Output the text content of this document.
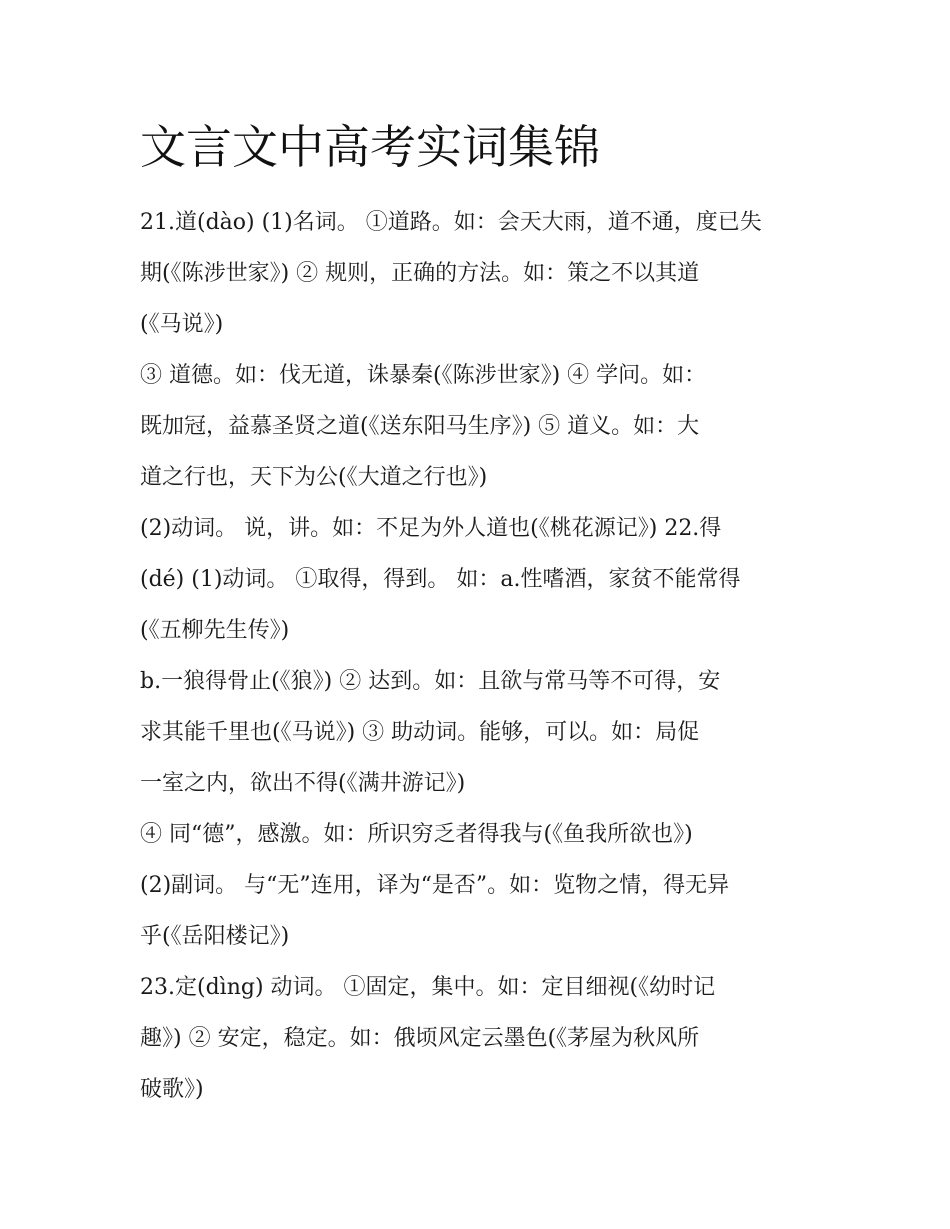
文言文中高考实词集锦
21.道(dào) (1)名词。 ①道路。如：会天大雨，道不通，度已失
期(《陈涉世家》) ② 规则，正确的方法。如：策之不以其道
(《马说》)
③ 道德。如：伐无道，诛暴秦(《陈涉世家》) ④ 学问。如：
既加冠，益慕圣贤之道(《送东阳马生序》) ⑤ 道义。如：大
道之行也，天下为公(《大道之行也》)
(2)动词。 说，讲。如：不足为外人道也(《桃花源记》) 22.得
(dé) (1)动词。 ①取得，得到。 如：a.性嗜酒，家贫不能常得
(《五柳先生传》)
b.一狼得骨止(《狼》) ② 达到。如：且欲与常马等不可得，安
求其能千里也(《马说》) ③ 助动词。能够，可以。如：局促
一室之内，欲出不得(《满井游记》)
④ 同“德”，感激。如：所识穷乏者得我与(《鱼我所欲也》)
(2)副词。 与“无”连用，译为“是否”。如：览物之情，得无异
乎(《岳阳楼记》)
23.定(dìng) 动词。 ①固定，集中。如：定目细视(《幼时记
趣》) ② 安定，稳定。如：俄顷风定云墨色(《茅屋为秋风所
破歌》)
